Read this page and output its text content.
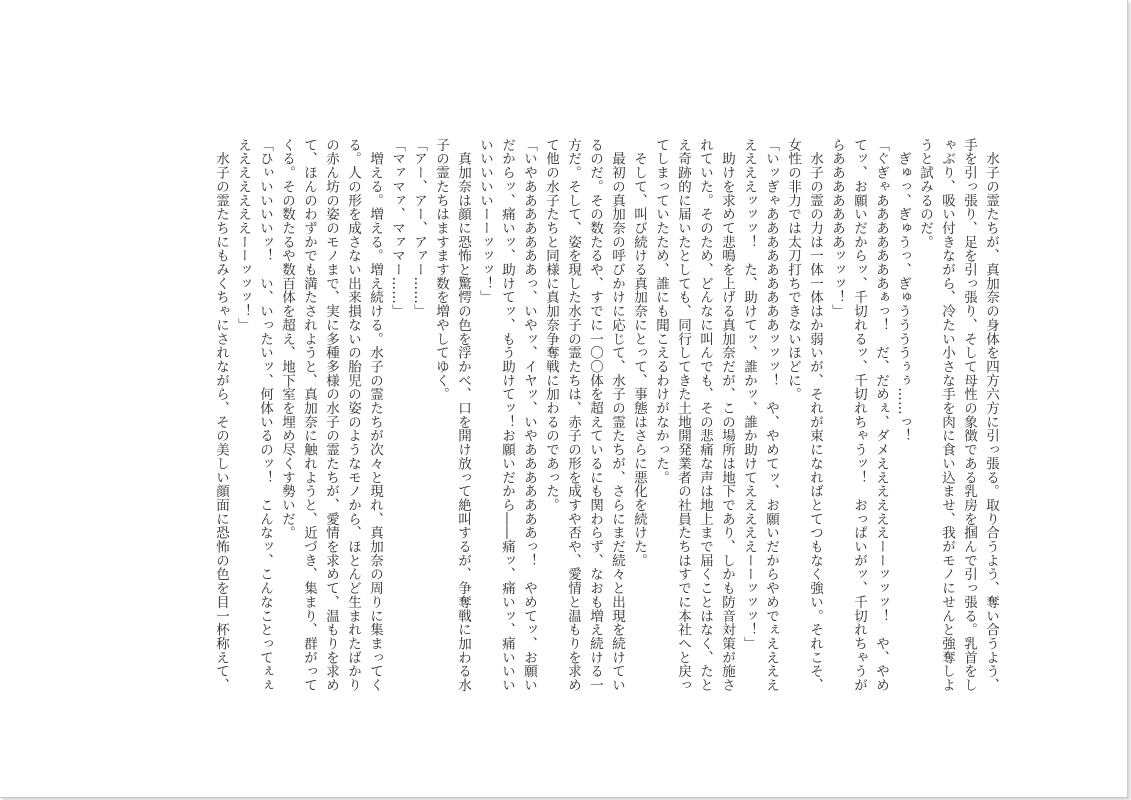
　水子の霊たちが、真加奈の身体を四方六方に引っ張る。取り合うよう、奪い合うよう、手を引っ張り、足を引っ張り、そして母性の象徴である乳房を掴んで引っ張る。乳首をしゃぶり、吸い付きながら、冷たい小さな手を肉に食い込ませ、我がモノにせんと強奪しようと試みるのだ。

　ぎゅっ、ぎゅうっ、ぎゅううううぅぅ……っ！

「ぐぎゃあああああああぁっ！　だ、だめぇ、ダメええええええーーッッッ！　や、やめてッ、お願いだからッ、千切れるッ、千切れちゃうッ！　おっぱいがッ、千切れちゃうがらあああああああッッッ！」

　水子の霊の力は一体一体はか弱いが、それが束になればとてつもなく強い。それこそ、女性の非力では太刀打ちできないほどに。

「いッぎゃあああああああああッッッ！　や、やめてッ、お願いだからやめでぇええええええええッッッ！　た、助けてッ、誰かッ、誰か助けてえええええーーッッッ！」

　助けを求めて悲鳴を上げる真加奈だが、この場所は地下であり、しかも防音対策が施されていた。そのため、どんなに叫んでも、その悲痛な声は地上まで届くことはなく、たとえ奇跡的に届いたとしても、同行してきた土地開発業者の社員たちはすでに本社へと戻ってしまっていたため、誰にも聞こえるわけがなかった。

　そして、叫び続ける真加奈にとって、事態はさらに悪化を続けた。

　最初の真加奈の呼びかけに応じて、水子の霊たちが、さらにまだ続々と出現を続けているのだ。その数たるや、すでに一〇〇体を超えているにも関わらず、なおも増え続ける一方だ。そして、姿を現した水子の霊たちは、赤子の形を成すや否や、愛情と温もりを求めて他の水子たちと同様に真加奈争奪戦に加わるのであった。

「いやあああああああっ、いやッ、イヤッ、いやあああああああっ！　やめてッ、お願いだからッ、痛いッ、助けてッ、もう助けてッ！お願いだから――痛ッ、痛いッ、痛いいいいいいいいーーッッッ！」

　真加奈は顔に恐怖と驚愕の色を浮かべ、口を開け放って絶叫するが、争奪戦に加わる水子の霊たちはますます数を増やしてゆく。

「アー、アー、アァー……」

「マァマァ、マァマー……」

　増える。増える。増え続ける。水子の霊たちが次々と現れ、真加奈の周りに集まってくる。人の形を成さない出来損ないの胎児の姿のようなモノから、ほとんど生まれたばかりの赤ん坊の姿のモノまで、実に多種多様の水子の霊たちが、愛情を求めて、温もりを求めて、ほんのわずかでも満たされようと、真加奈に触れようと、近づき、集まり、群がってくる。その数たるや数百体を超え、地下室を埋め尽くす勢いだ。

「ひぃいいいいッ！　い、いったいッ、何体いるのッ！　こんなッ、こんなことってぇぇえええええええーーッッッ！」

　水子の霊たちにもみくちゃにされながら、その美しい顔面に恐怖の色を目一杯称えて、
